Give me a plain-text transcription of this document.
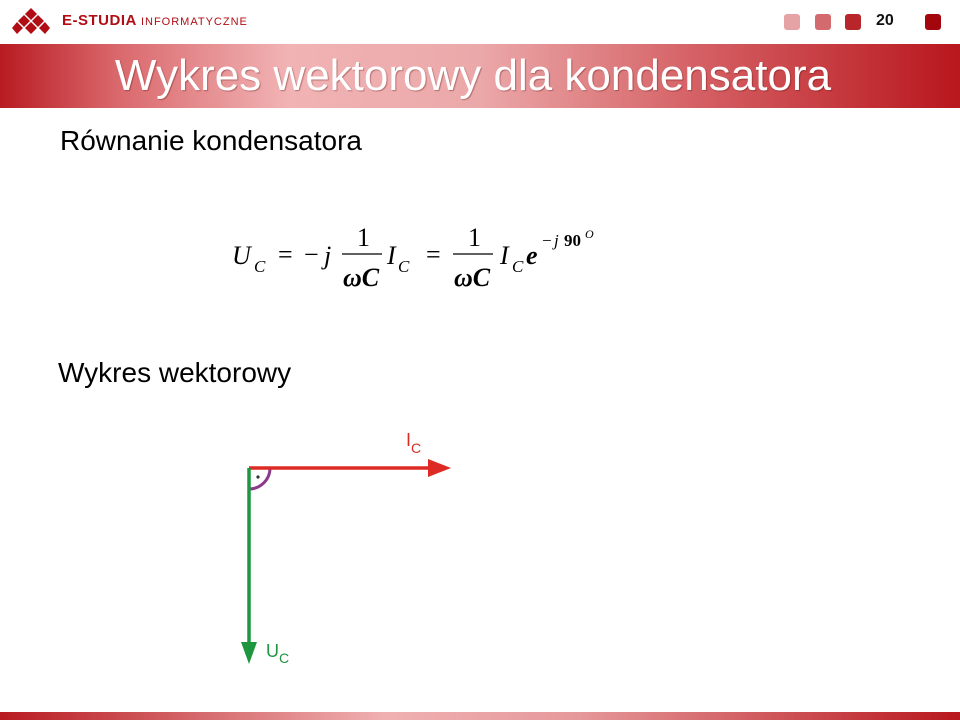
E-STUDIA INFORMATYCZNE	20
Wykres wektorowy dla kondensatora
Równanie kondensatora
U C = − j
1
ωC
I C =
1
ωC
I C e
− j 90 O
Wykres wektorowy
I C
U C
